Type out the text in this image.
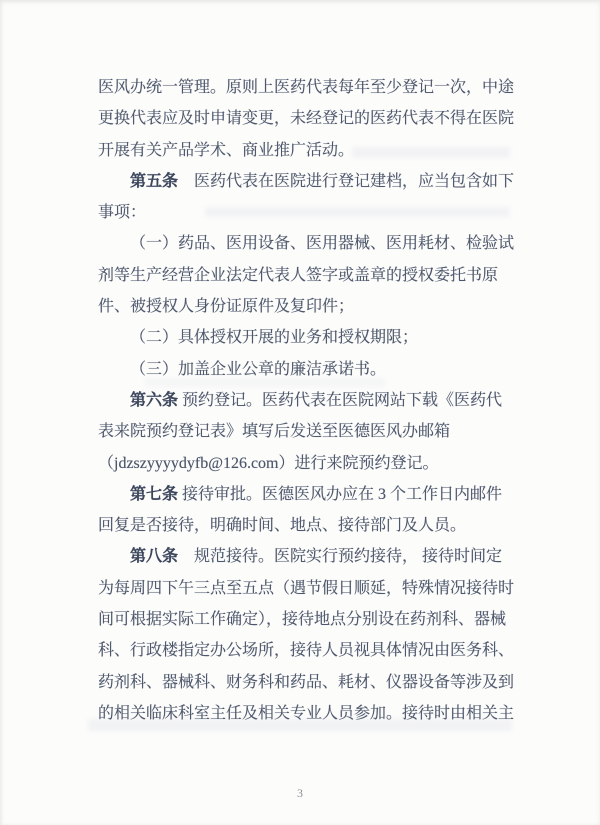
医风办统一管理。原则上医药代表每年至少登记一次，中途
更换代表应及时申请变更，未经登记的医药代表不得在医院
开展有关产品学术、商业推广活动。
第五条　医药代表在医院进行登记建档，应当包含如下
事项：
（一）药品、医用设备、医用器械、医用耗材、检验试
剂等生产经营企业法定代表人签字或盖章的授权委托书原
件、被授权人身份证原件及复印件；
（二）具体授权开展的业务和授权期限；
（三）加盖企业公章的廉洁承诺书。
第六条 预约登记。医药代表在医院网站下载《医药代
表来院预约登记表》填写后发送至医德医风办邮箱
（jdzszyyyydyfb@126.com）进行来院预约登记。
第七条 接待审批。医德医风办应在 3 个工作日内邮件
回复是否接待，明确时间、地点、接待部门及人员。
第八条　规范接待。医院实行预约接待， 接待时间定
为每周四下午三点至五点（遇节假日顺延，特殊情况接待时
间可根据实际工作确定），接待地点分别设在药剂科、器械
科、行政楼指定办公场所，接待人员视具体情况由医务科、
药剂科、器械科、财务科和药品、耗材、仪器设备等涉及到
的相关临床科室主任及相关专业人员参加。接待时由相关主
3
